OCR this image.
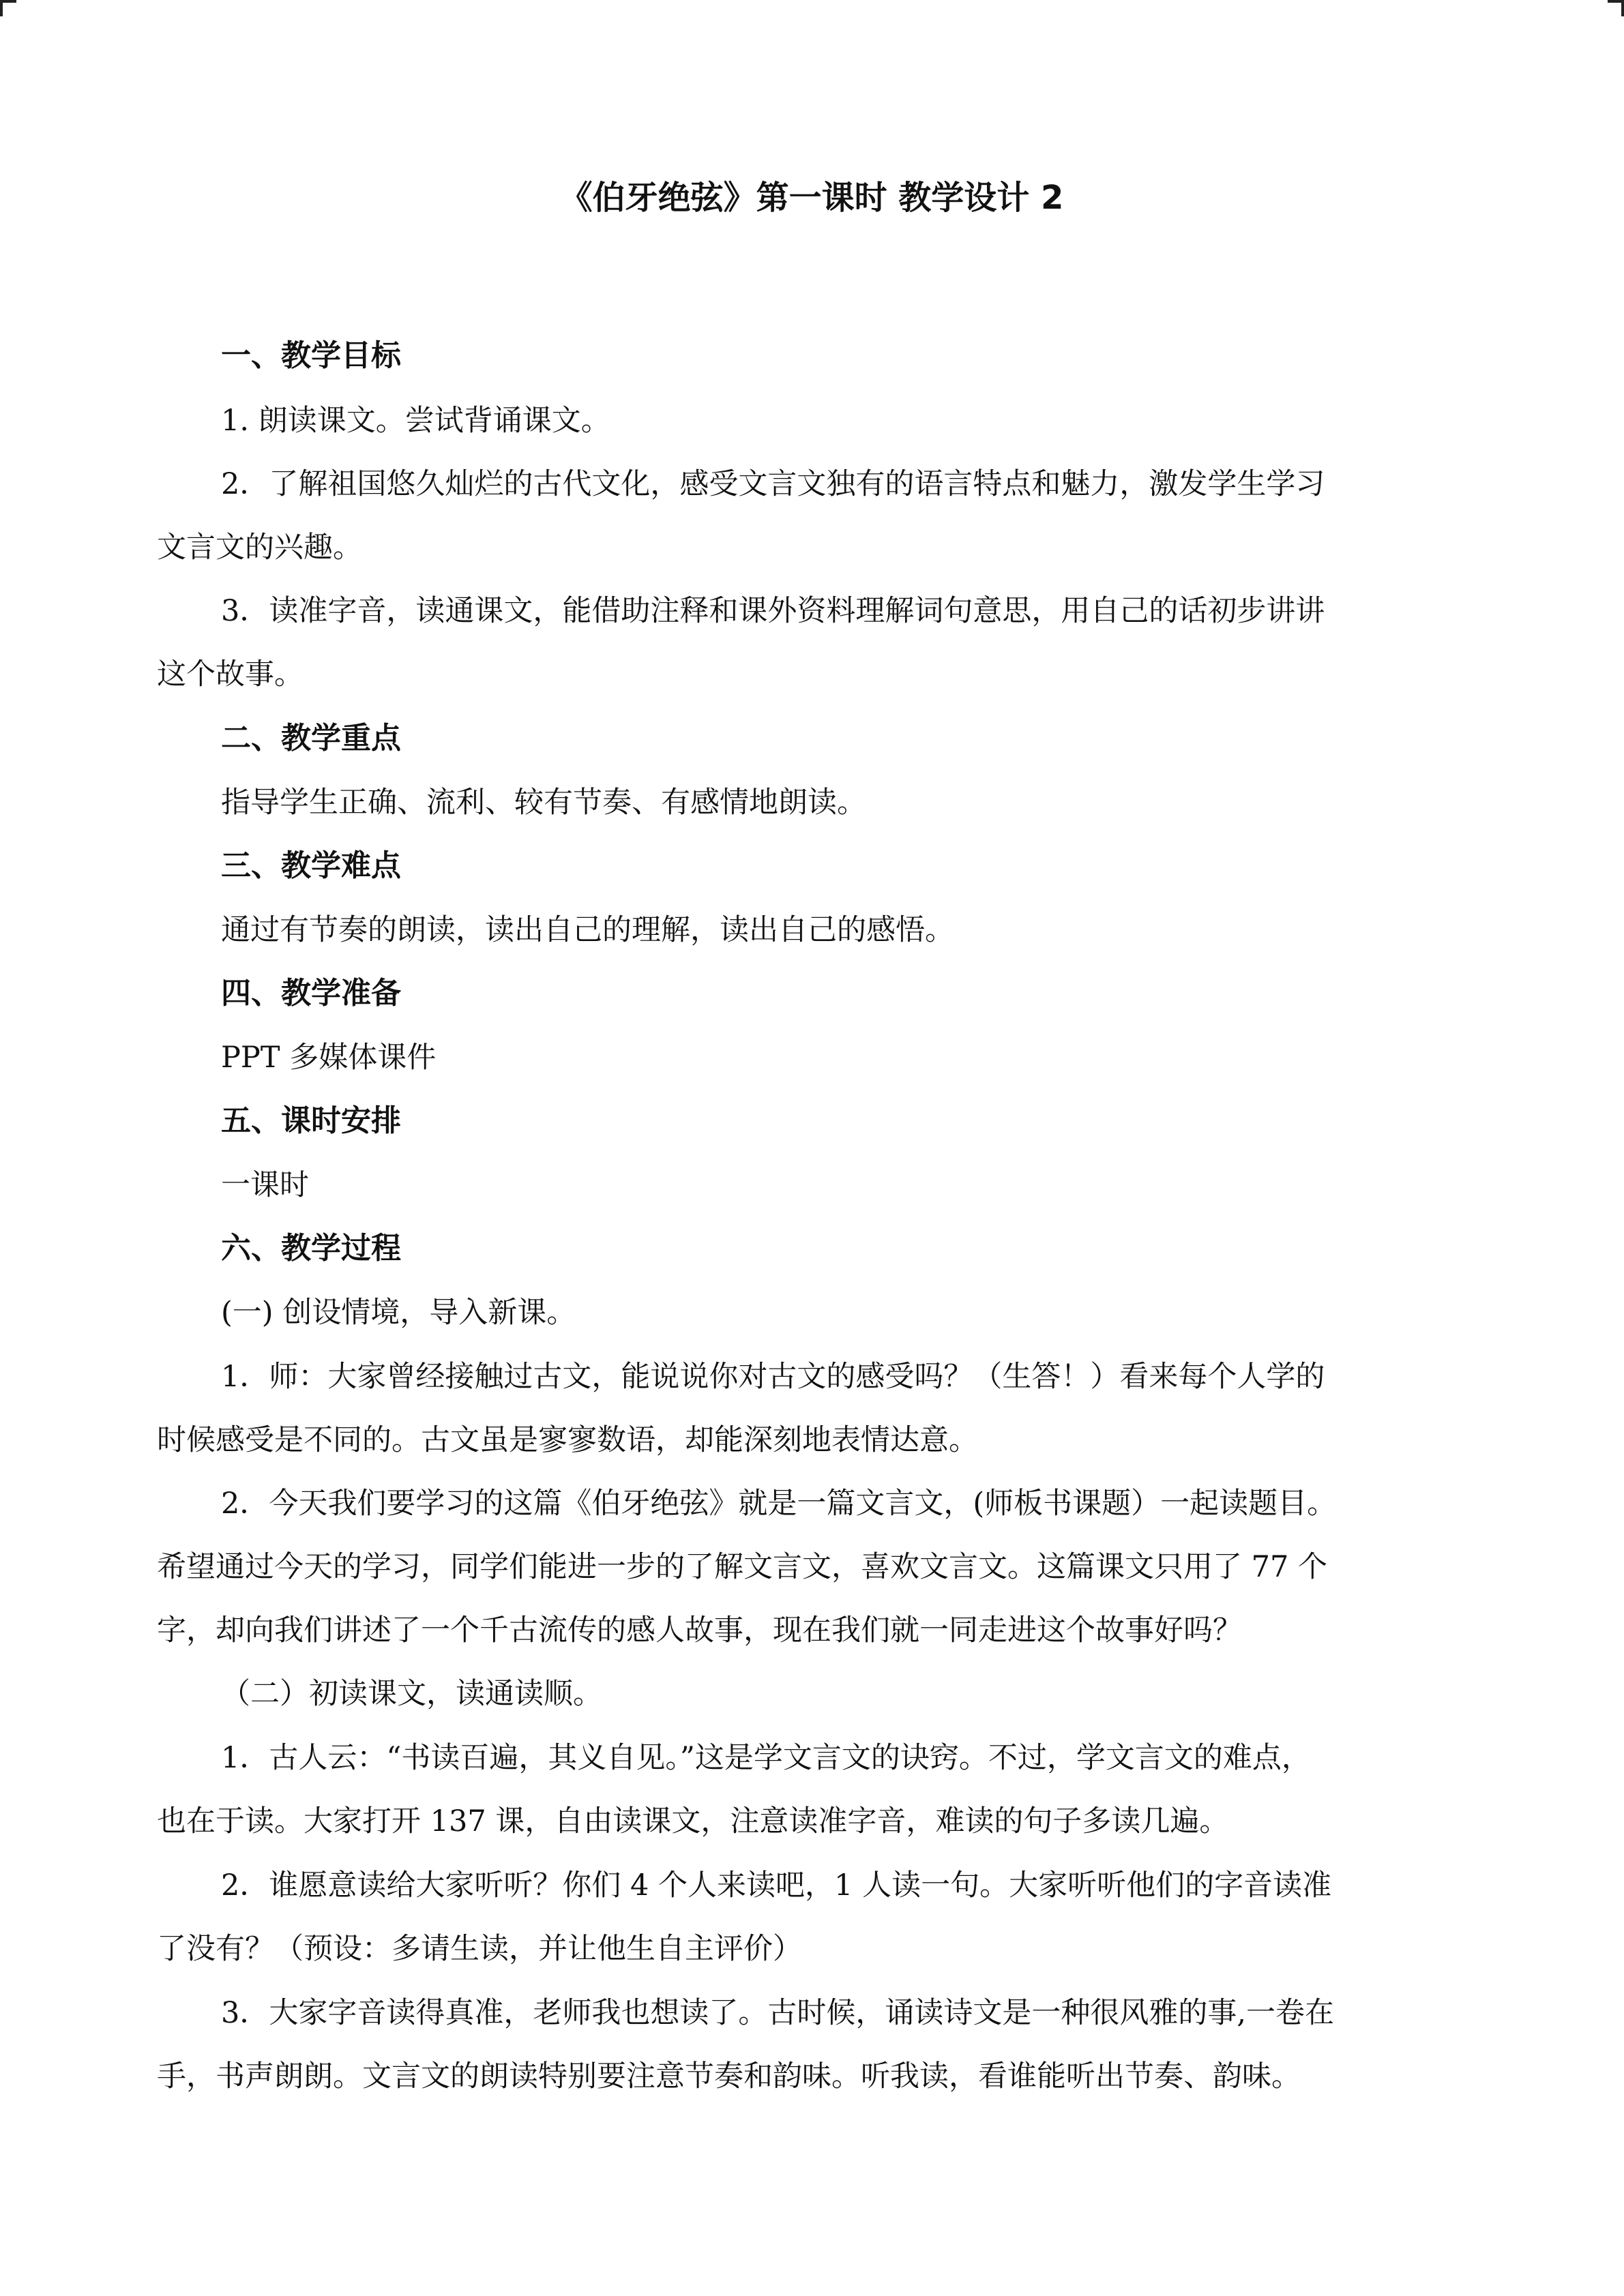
《伯牙绝弦》第一课时 教学设计 2

一、教学目标

1. 朗读课文。尝试背诵课文。

2．了解祖国悠久灿烂的古代文化，感受文言文独有的语言特点和魅力，激发学生学习

文言文的兴趣。

3．读准字音，读通课文，能借助注释和课外资料理解词句意思，用自己的话初步讲讲

这个故事。

二、教学重点

指导学生正确、流利、较有节奏、有感情地朗读。

三、教学难点

通过有节奏的朗读，读出自己的理解，读出自己的感悟。

四、教学准备

PPT 多媒体课件

五、课时安排

一课时

六、教学过程

(一) 创设情境，导入新课。

1．师：大家曾经接触过古文，能说说你对古文的感受吗？（生答！）看来每个人学的

时候感受是不同的。古文虽是寥寥数语，却能深刻地表情达意。

2．今天我们要学习的这篇《伯牙绝弦》就是一篇文言文，(师板书课题）一起读题目。

希望通过今天的学习，同学们能进一步的了解文言文，喜欢文言文。这篇课文只用了 77 个

字，却向我们讲述了一个千古流传的感人故事，现在我们就一同走进这个故事好吗？

（二）初读课文，读通读顺。

1．古人云：“书读百遍，其义自见。”这是学文言文的诀窍。不过，学文言文的难点，

也在于读。大家打开 137 课，自由读课文，注意读准字音，难读的句子多读几遍。

2．谁愿意读给大家听听？你们 4 个人来读吧，1 人读一句。大家听听他们的字音读准

了没有？（预设：多请生读，并让他生自主评价）

3．大家字音读得真准，老师我也想读了。古时候，诵读诗文是一种很风雅的事,一卷在

手，书声朗朗。文言文的朗读特别要注意节奏和韵味。听我读，看谁能听出节奏、韵味。
